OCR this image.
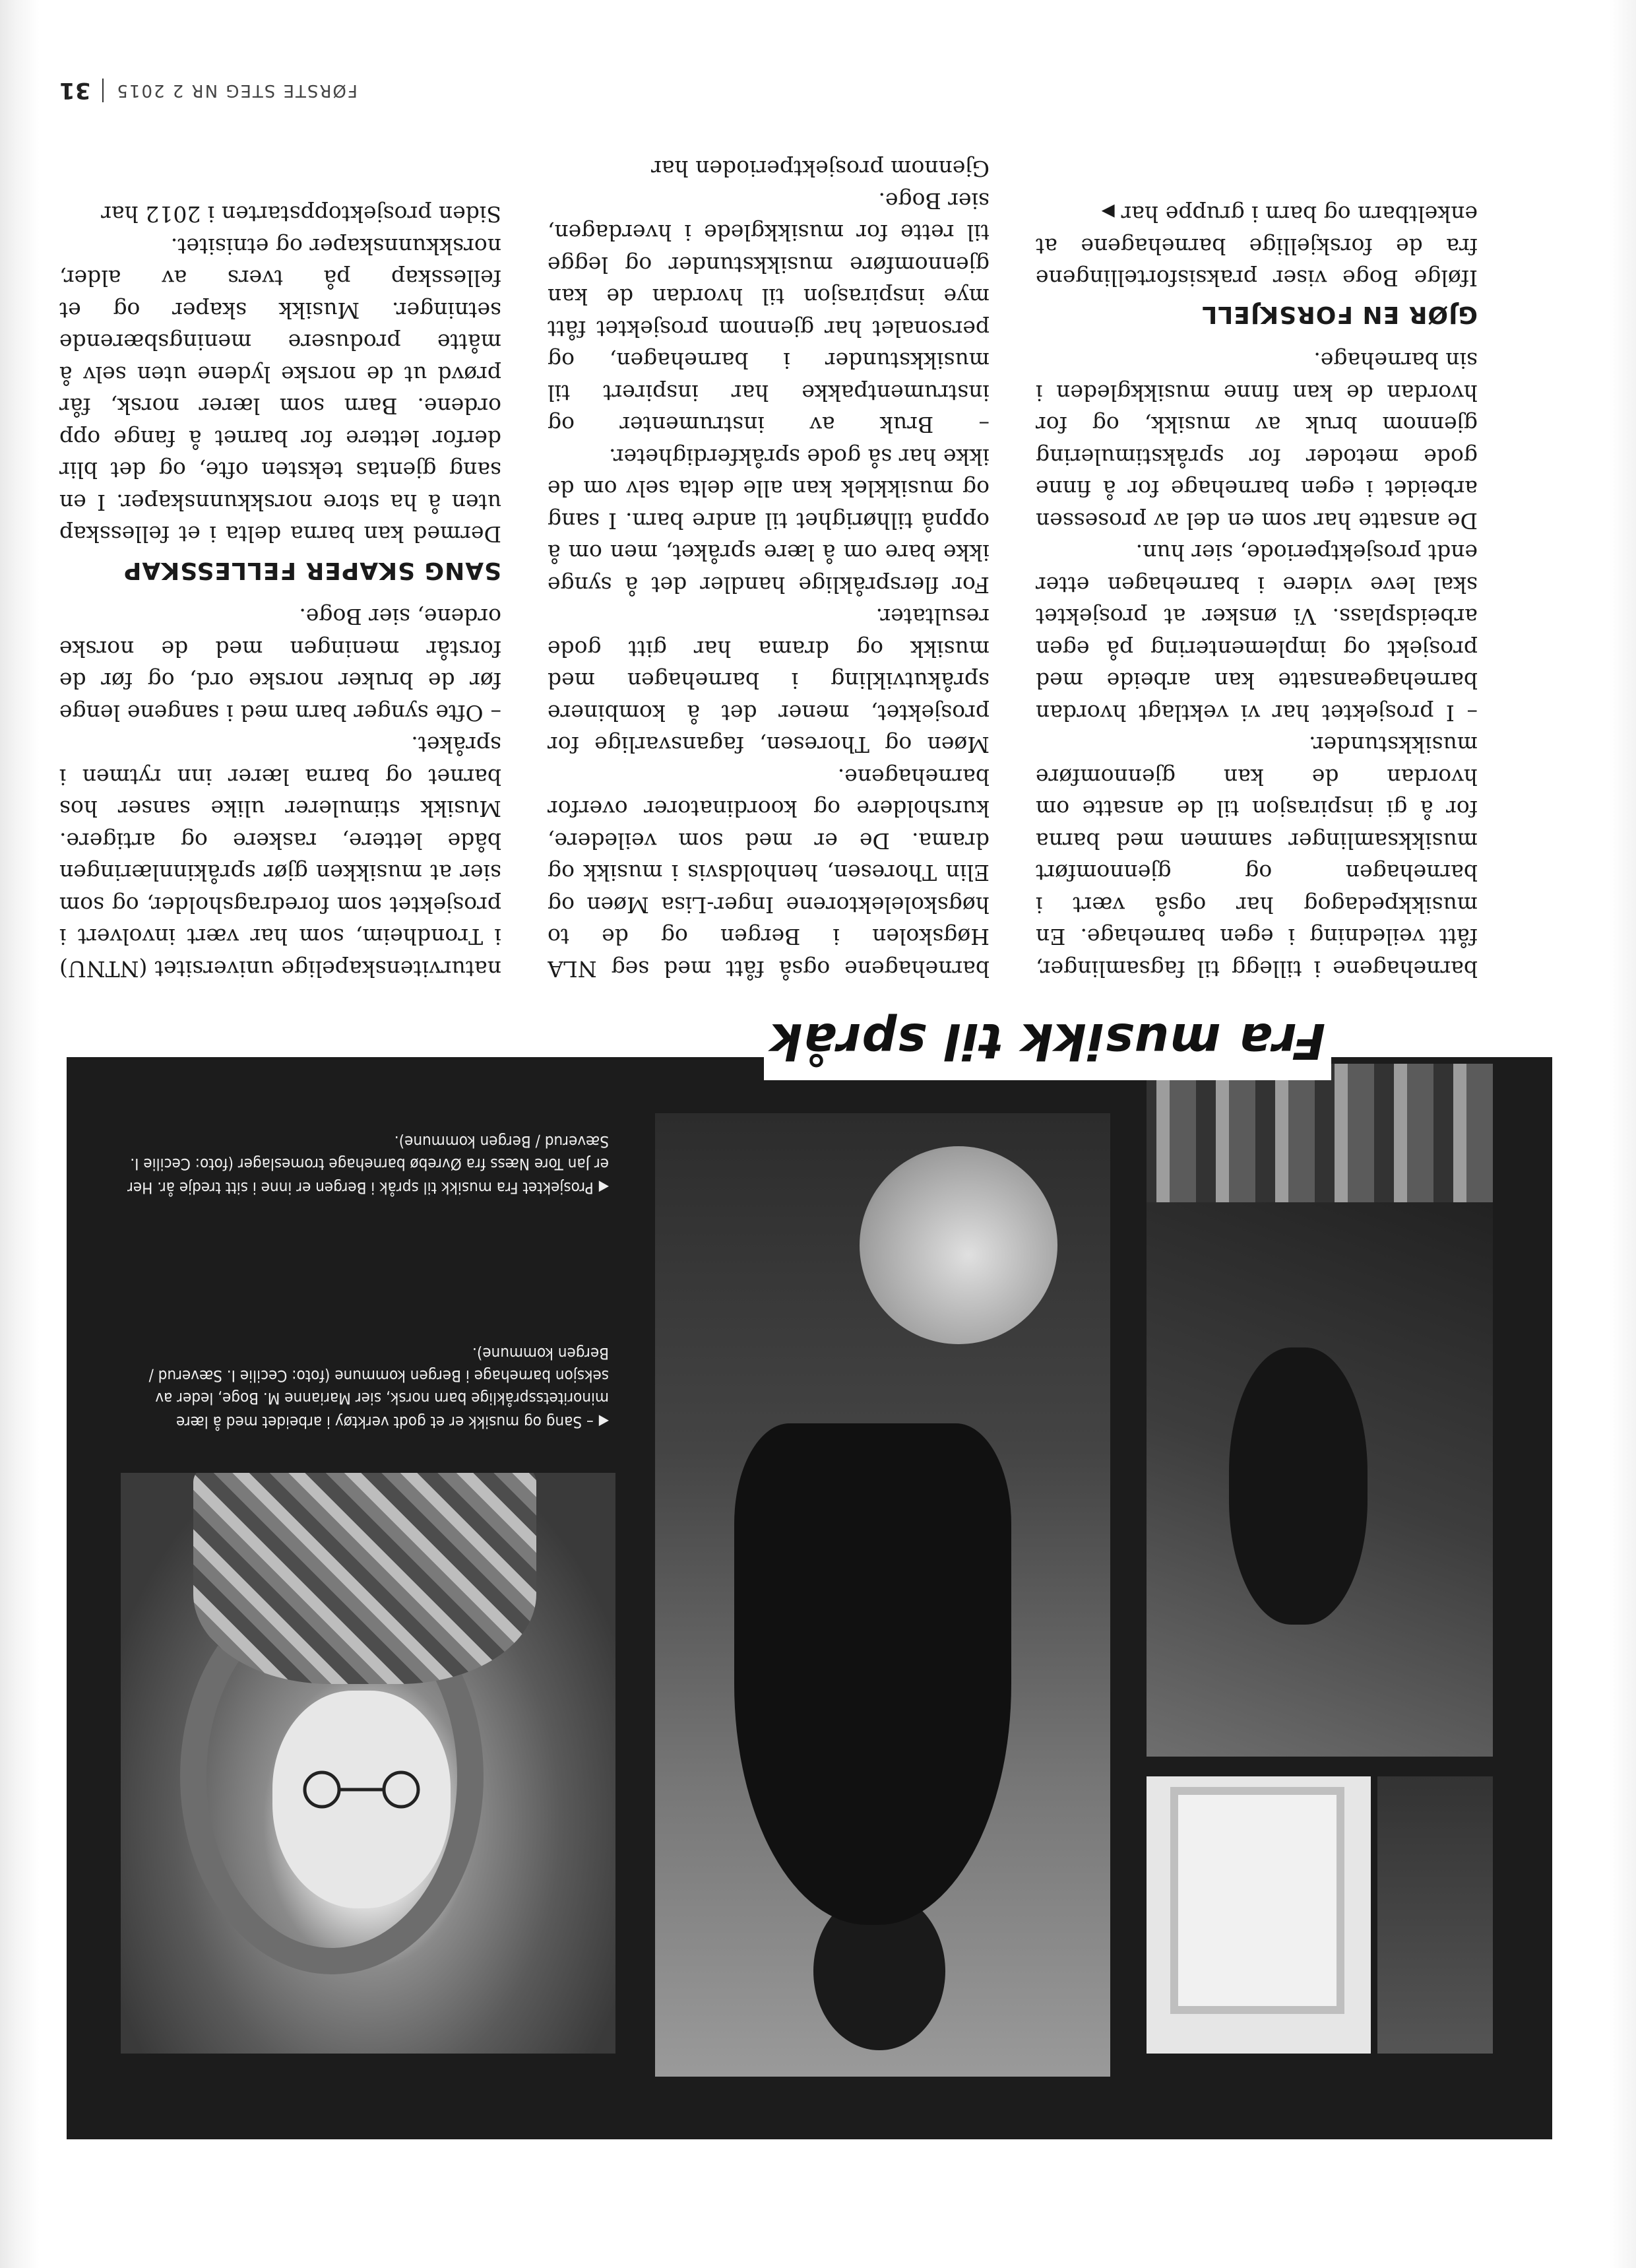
◀– Sang og musikk er et godt verktøy i arbeidet med å lære minoritetsspråklige barn norsk, sier Marianne M. Boge, leder av seksjon barnehage i Bergen kommune (foto: Cecilie I. Sæverud / Bergen kommune).
◀Prosjektet Fra musikk til språk i Bergen er inne i sitt tredje år. Her er Jan Tore Næss fra Øvrebø barnehage tromeslager (foto: Cecilie I. Sæverud / Bergen kommune).
Fra musikk til språk

barnehagene i tillegg til fagsamlinger, fått veiledning i egen barnehage. En musikkpedagog har også vært i barnehagen og gjennomført musikksamlinger sammen med barna for å gi inspirasjon til de ansatte om hvordan de kan gjennomføre musikkstunder.

– I prosjektet har vi vektlagt hvordan barnehageansatte kan arbeide med prosjekt og implementering på egen arbeidsplass. Vi ønsker at prosjektet skal leve videre i barnehagen etter endt prosjektperiode, sier hun.

De ansatte har som en del av prosessen arbeidet i egen barnehage for å finne gode metoder for språkstimulering gjennom bruk av musikk, og for hvordan de kan finne musikkgleden i sin barnehage.

GJØR EN FORSKJELL

Ifølge Boge viser praksisfortellingene fra de forskjellige barnehagene at enkeltbarn og barn i gruppe har▶

barnehagene også fått med seg NLA Høgskolen i Bergen og de to høgskolelektorene Inger-Lisa Møen og Elin Thoresen, henholdsvis i musikk og drama. De er med som veiledere, kursholdere og koordinatorer overfor barnehagene.

Møen og Thoresen, fagansvarlige for prosjektet, mener det å kombinere språkutvikling i barnehagen med musikk og drama har gitt gode resultater.

For flerspråklige handler det å synge ikke bare om å lære språket, men om å oppnå tilhørighet til andre barn. I sang og musikklek kan alle delta selv om de ikke har så gode språkferdigheter.

– Bruk av instrumenter og instrumentpakke har inspirert til musikkstunder i barnehagen, og personalet har gjennom prosjektet fått mye inspirasjon til hvordan de kan gjennomføre musikkstunder og legge til rette for musikkglede i hverdagen, sier Boge.

Gjennom prosjektperioden har

naturvitenskapelige universitet (NTNU) i Trondheim, som har vært involvert i prosjektet som foredragsholder, og som sier at musikken gjør språkinnlæringen både lettere, raskere og artigere. Musikk stimulerer ulike sanser hos barnet og barna lærer inn rytmen i språket.

– Ofte synger barn med i sangene lenge før de bruker norske ord, og før de forstår meningen med de norske ordene, sier Boge.

SANG SKAPER FELLESSKAP

Dermed kan barna delta i et fellesskap uten å ha store norskkunnskaper. I en sang gjentas teksten ofte, og det blir derfor lettere for barnet å fange opp ordene. Barn som lærer norsk, får prøvd ut de norske lydene uten selv å måtte produsere meningsbærende setninger. Musikk skaper og et fellesskap på tvers av alder, norskkunnskaper og etnisitet.

Siden prosjektoppstarten i 2012 har

FØRSTE STEG NR 2 2015
31
